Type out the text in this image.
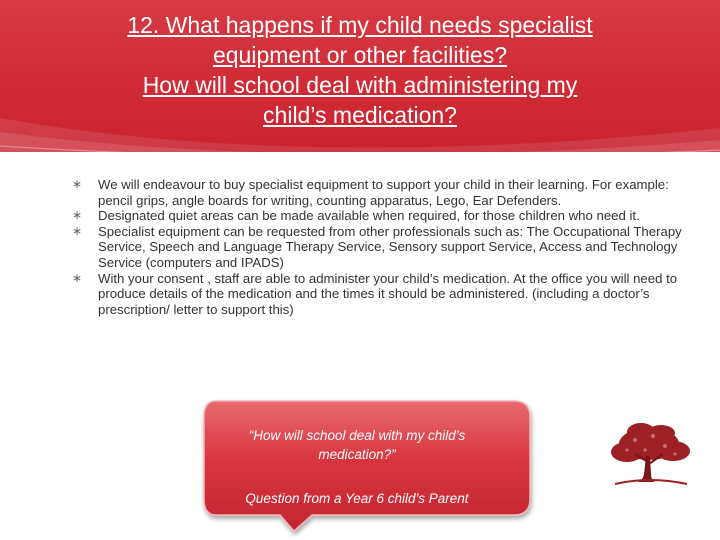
12. What happens if my child needs specialist
equipment or other facilities?
How will school deal with administering my
child’s medication?
∗ We will endeavour to buy specialist equipment to support your child in their learning. For example: pencil grips, angle boards for writing, counting apparatus, Lego, Ear Defenders.
∗ Designated quiet areas can be made available when required, for those children who need it.
∗ Specialist equipment can be requested from other professionals such as: The Occupational Therapy Service, Speech and Language Therapy Service, Sensory support Service, Access and Technology Service (computers and IPADS)
∗ With your consent , staff are able to administer your child’s medication. At the office you will need to produce details of the medication and the times it should be administered. (including a doctor’s prescription/ letter to support this)
“How will school deal with my child’s medication?”
Question from a Year 6 child’s Parent
